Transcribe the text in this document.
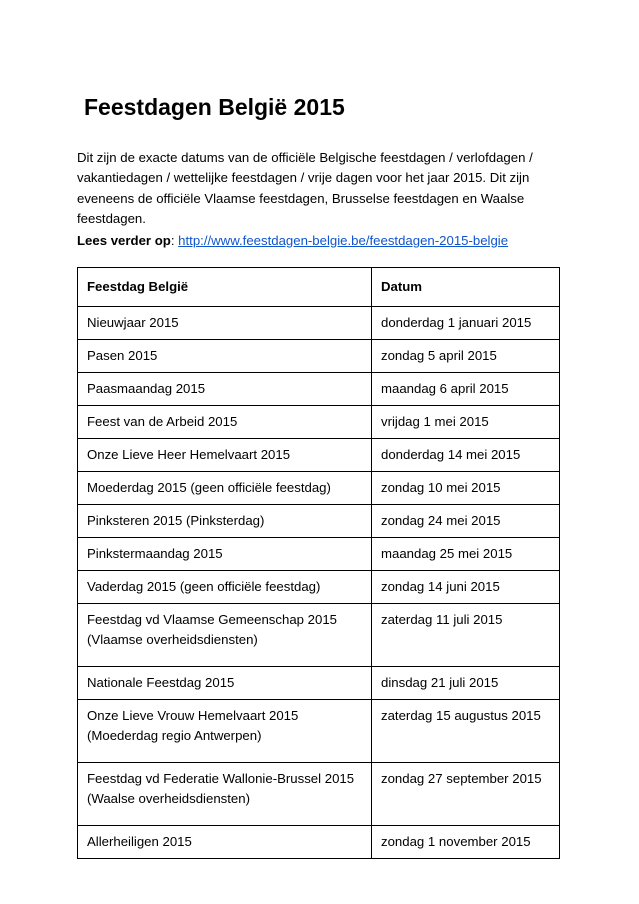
Feestdagen België 2015

Dit zijn de exacte datums van de officiële Belgische feestdagen / verlofdagen / vakantiedagen / wettelijke feestdagen / vrije dagen voor het jaar 2015. Dit zijn eveneens de officiële Vlaamse feestdagen, Brusselse feestdagen en Waalse feestdagen.

Lees verder op: http://www.feestdagen-belgie.be/feestdagen-2015-belgie

Feestdag België	Datum

Nieuwjaar 2015	donderdag 1 januari 2015

Pasen 2015	zondag 5 april 2015

Paasmaandag 2015	maandag 6 april 2015

Feest van de Arbeid 2015	vrijdag 1 mei 2015

Onze Lieve Heer Hemelvaart 2015	donderdag 14 mei 2015

Moederdag 2015 (geen officiële feestdag)	zondag 10 mei 2015

Pinksteren 2015 (Pinksterdag)	zondag 24 mei 2015

Pinkstermaandag 2015	maandag 25 mei 2015

Vaderdag 2015 (geen officiële feestdag)	zondag 14 juni 2015

Feestdag vd Vlaamse Gemeenschap 2015
(Vlaamse overheidsdiensten)	zaterdag 11 juli 2015

Nationale Feestdag 2015	dinsdag 21 juli 2015

Onze Lieve Vrouw Hemelvaart 2015
(Moederdag regio Antwerpen)	zaterdag 15 augustus 2015

Feestdag vd Federatie Wallonie-Brussel 2015
(Waalse overheidsdiensten)	zondag 27 september 2015

Allerheiligen 2015	zondag 1 november 2015
